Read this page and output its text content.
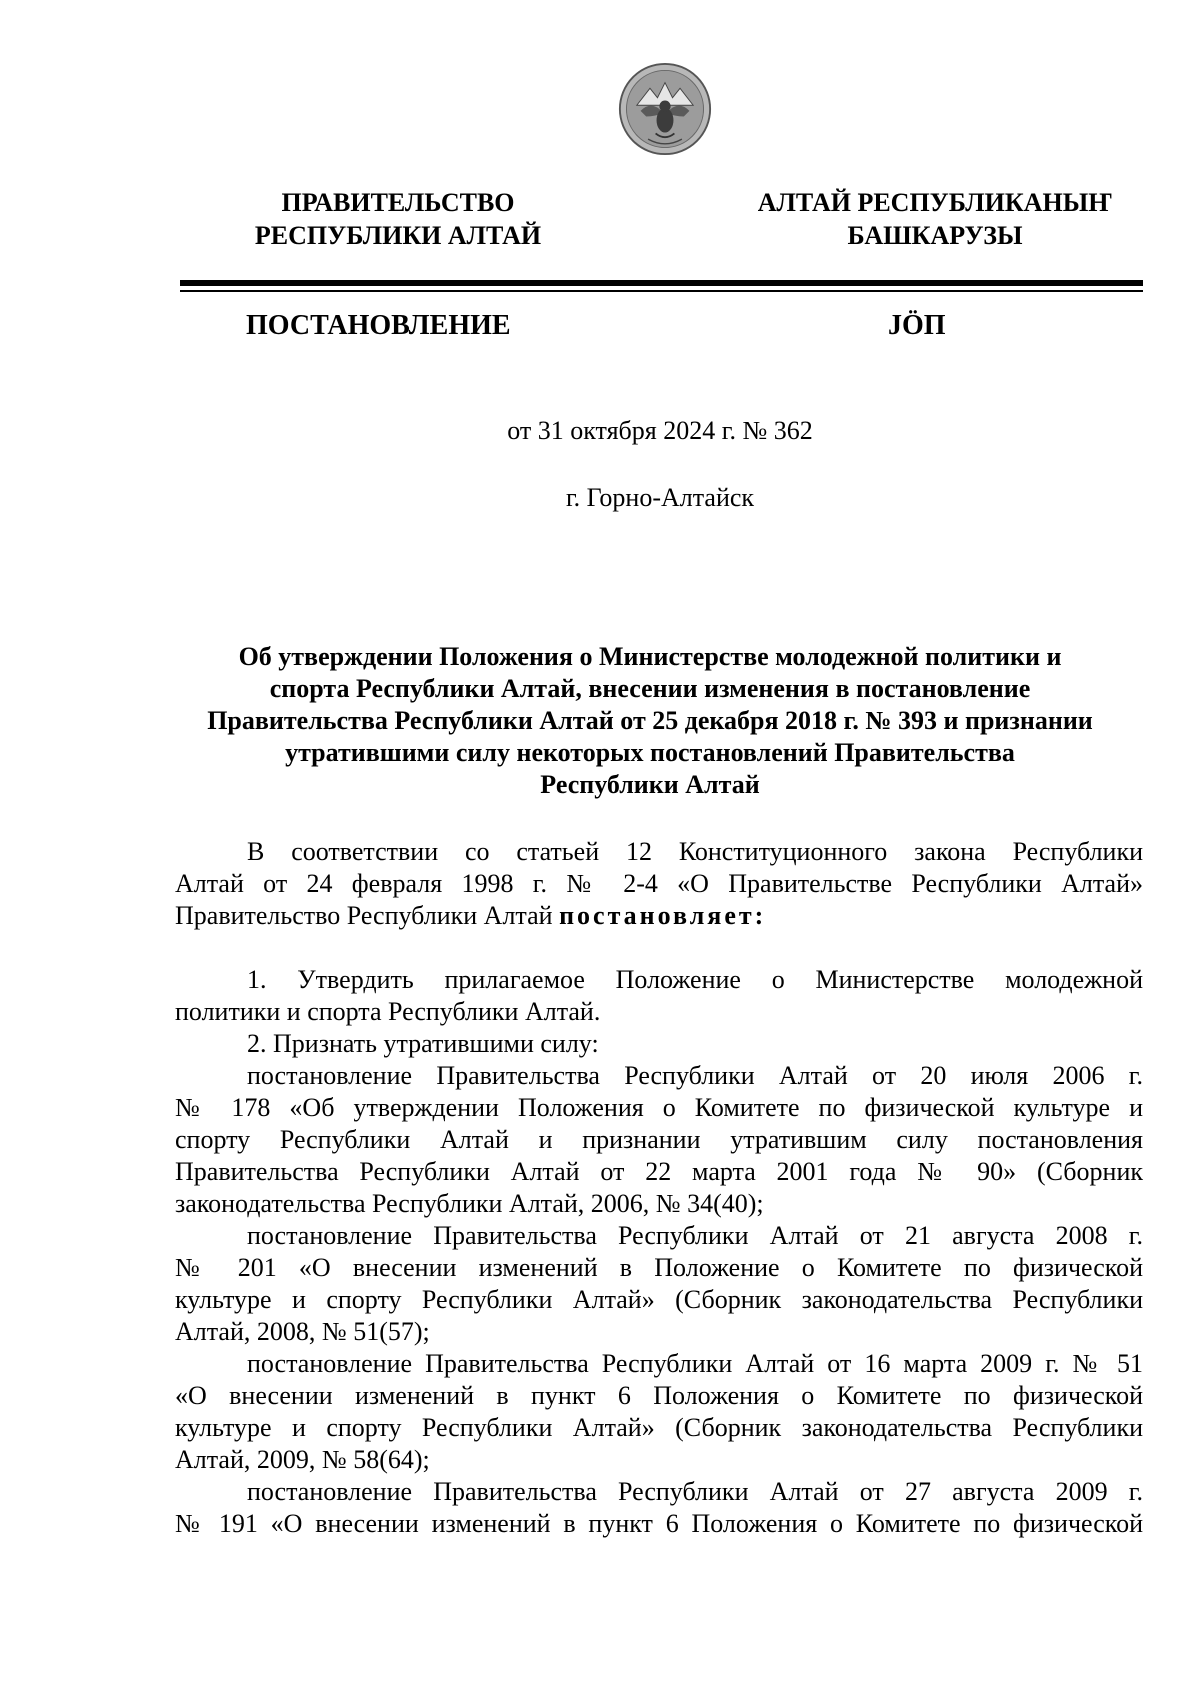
ПРАВИТЕЛЬСТВО
РЕСПУБЛИКИ АЛТАЙ
АЛТАЙ РЕСПУБЛИКАНЫҤ
БАШКАРУЗЫ
ПОСТАНОВЛЕНИЕ	JÖП
от 31 октября 2024 г. № 362
г. Горно-Алтайск
Об утверждении Положения о Министерстве молодежной политики и
спорта Республики Алтай, внесении изменения в постановление
Правительства Республики Алтай от 25 декабря 2018 г. № 393 и признании
утратившими силу некоторых постановлений Правительства
Республики Алтай
В соответствии со статьей 12 Конституционного закона Республики
Алтай от 24 февраля 1998 г. № 2-4 «О Правительстве Республики Алтай»
Правительство Республики Алтай постановляет:
1. Утвердить прилагаемое Положение о Министерстве молодежной
политики и спорта Республики Алтай.
2. Признать утратившими силу:
постановление Правительства Республики Алтай от 20 июля 2006 г.
№ 178 «Об утверждении Положения о Комитете по физической культуре и
спорту Республики Алтай и признании утратившим силу постановления
Правительства Республики Алтай от 22 марта 2001 года № 90» (Сборник
законодательства Республики Алтай, 2006, № 34(40);
постановление Правительства Республики Алтай от 21 августа 2008 г.
№ 201 «О внесении изменений в Положение о Комитете по физической
культуре и спорту Республики Алтай» (Сборник законодательства Республики
Алтай, 2008, № 51(57);
постановление Правительства Республики Алтай от 16 марта 2009 г. № 51
«О внесении изменений в пункт 6 Положения о Комитете по физической
культуре и спорту Республики Алтай» (Сборник законодательства Республики
Алтай, 2009, № 58(64);
постановление Правительства Республики Алтай от 27 августа 2009 г.
№ 191 «О внесении изменений в пункт 6 Положения о Комитете по физической
